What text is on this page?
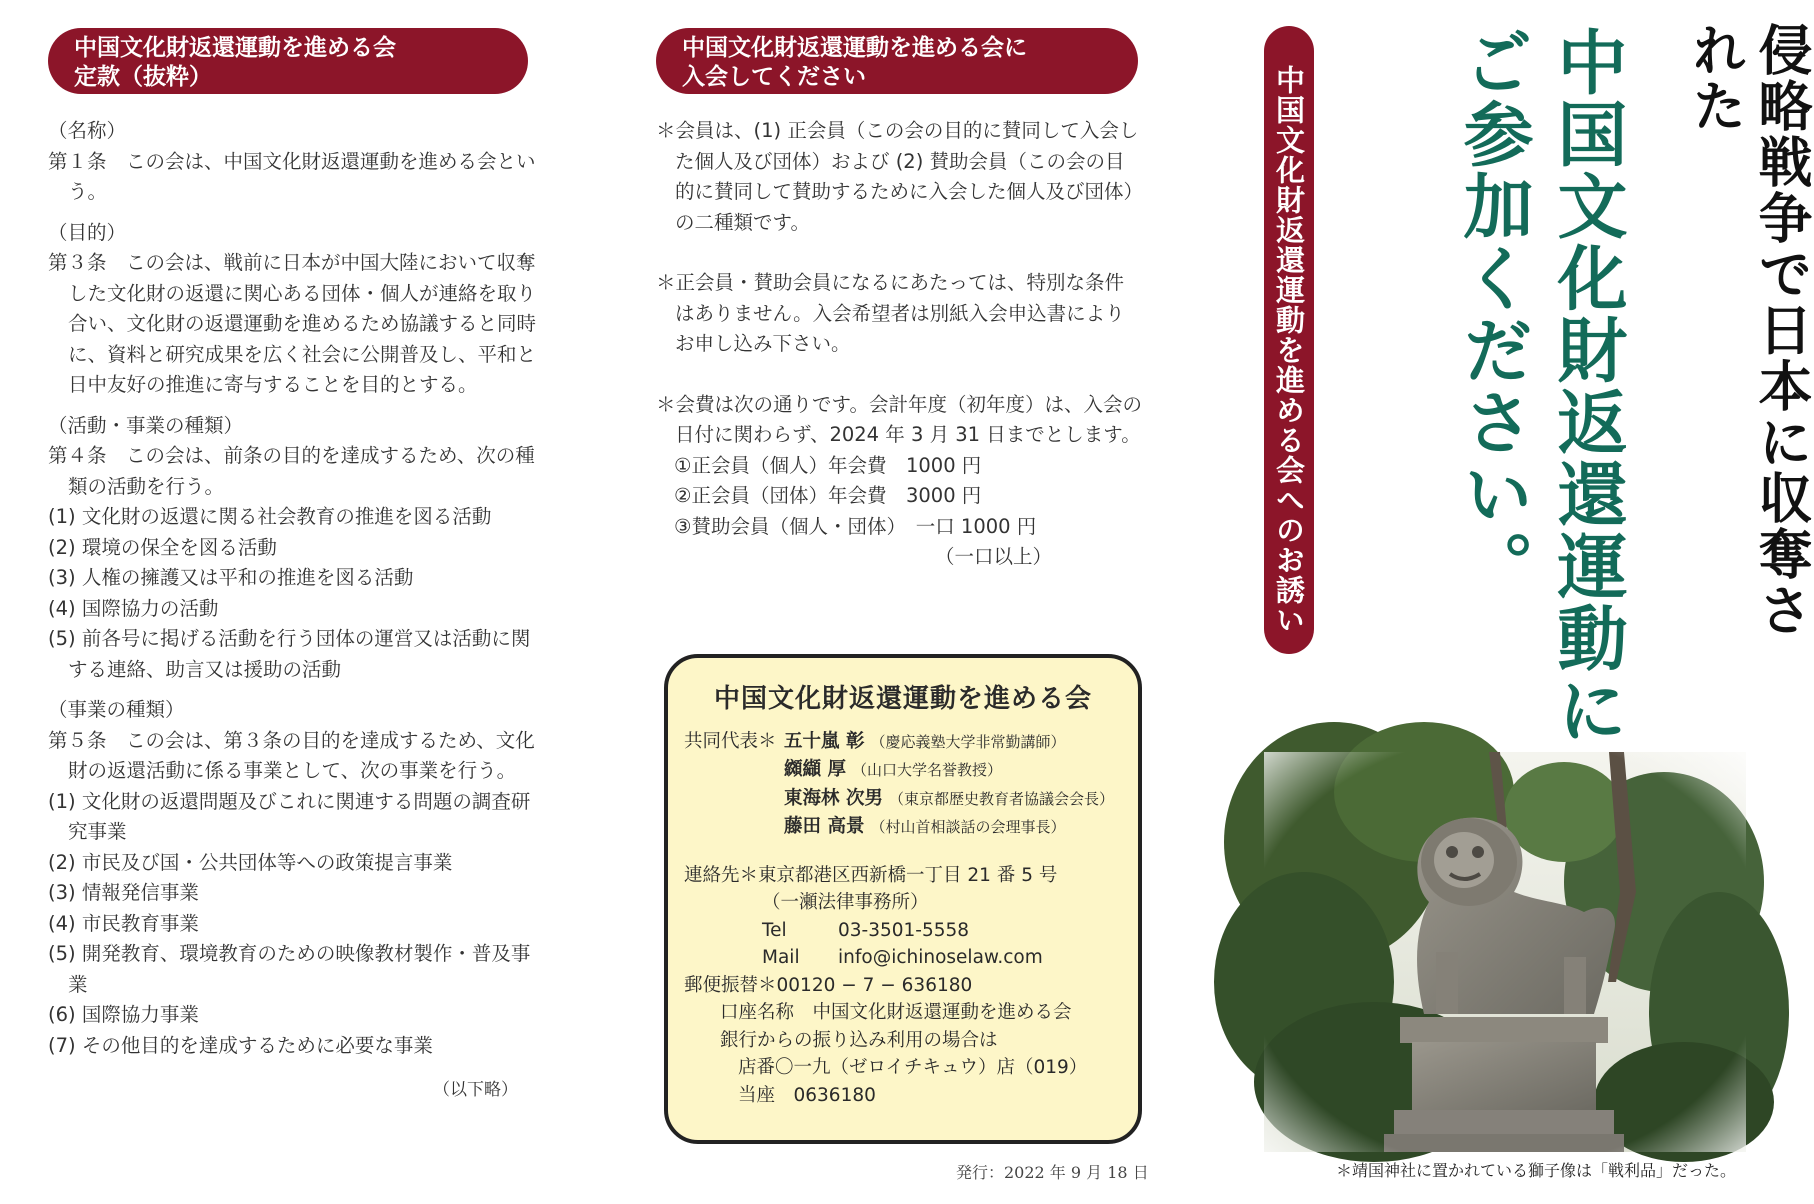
中国文化財返還運動を進める会
定款（抜粋）
中国文化財返還運動を進める会に
入会してください
（名称）
第１条　この会は、中国文化財返還運動を進める会という。
（目的）
第３条　この会は、戦前に日本が中国大陸において収奪した文化財の返還に関心ある団体・個人が連絡を取り合い、文化財の返還運動を進めるため協議すると同時に、資料と研究成果を広く社会に公開普及し、平和と日中友好の推進に寄与することを目的とする。
（活動・事業の種類）
第４条　この会は、前条の目的を達成するため、次の種類の活動を行う。
(1) 文化財の返還に関る社会教育の推進を図る活動
(2) 環境の保全を図る活動
(3) 人権の擁護又は平和の推進を図る活動
(4) 国際協力の活動
(5) 前各号に掲げる活動を行う団体の運営又は活動に関する連絡、助言又は援助の活動
（事業の種類）
第５条　この会は、第３条の目的を達成するため、文化財の返還活動に係る事業として、次の事業を行う。
(1) 文化財の返還問題及びこれに関連する問題の調査研究事業
(2) 市民及び国・公共団体等への政策提言事業
(3) 情報発信事業
(4) 市民教育事業
(5) 開発教育、環境教育のための映像教材製作・普及事業
(6) 国際協力事業
(7) その他目的を達成するために必要な事業
（以下略）
＊会員は、(1) 正会員（この会の目的に賛同して入会した個人及び団体）および (2) 賛助会員（この会の目的に賛同して賛助するために入会した個人及び団体）の二種類です。
＊正会員・賛助会員になるにあたっては、特別な条件はありません。入会希望者は別紙入会申込書によりお申し込み下さい。
＊会費は次の通りです。会計年度（初年度）は、入会の日付に関わらず、2024 年 3 月 31 日までとします。
①正会員（個人）年会費　1000 円
②正会員（団体）年会費　3000 円
③賛助会員（個人・団体）　一口 1000 円
（一口以上）
中国文化財返還運動を進める会
共同代表＊ 五十嵐 彰 （慶応義塾大学非常勤講師）
纐纈 厚 （山口大学名誉教授）
東海林 次男 （東京都歴史教育者協議会会長）
藤田 高景 （村山首相談話の会理事長）
連絡先＊東京都港区西新橋一丁目 21 番 5 号
（一瀬法律事務所）
Tel	03-3501-5558
Mail info@ichinoselaw.com
郵便振替＊00120 − 7 − 636180
口座名称　中国文化財返還運動を進める会
銀行からの振り込み利用の場合は
店番〇一九（ゼロイチキュウ）店（019）
当座　0636180
発行：2022 年 9 月 18 日
中国文化財返還運動を進める会へのお誘い	侵略戦争で日本に収奪された
中国文化財返還運動にご参加ください。
＊靖国神社に置かれている獅子像は「戦利品」だった。
